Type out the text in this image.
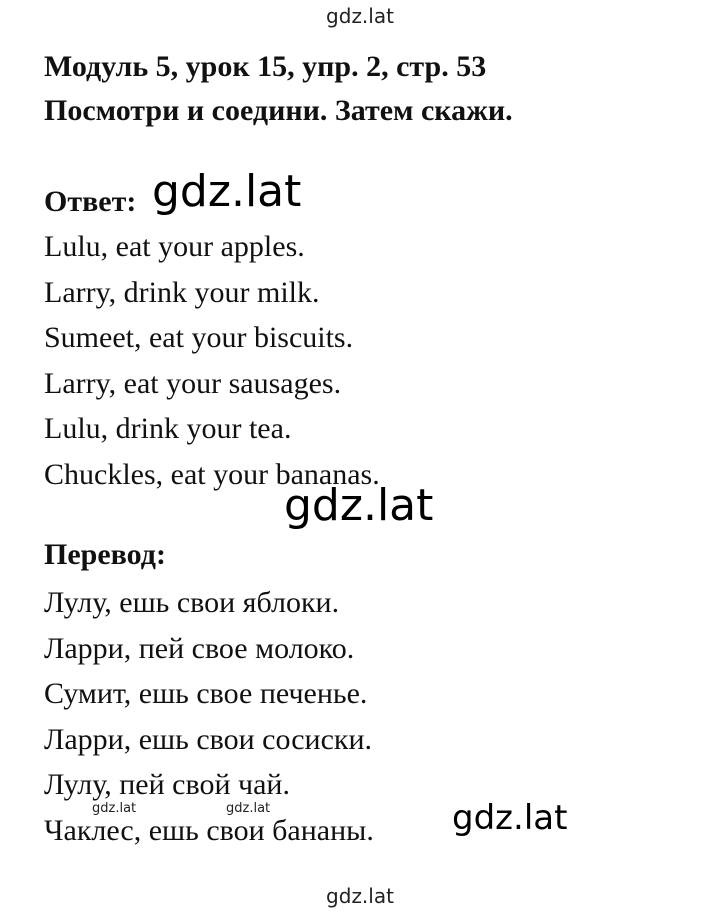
gdz.lat
Модуль 5, урок 15, упр. 2, стр. 53
Посмотри и соедини. Затем скажи.
Ответ: gdz.lat
Lulu, eat your apples.
Larry, drink your milk.
Sumeet, eat your biscuits.
Larry, eat your sausages.
Lulu, drink your tea.
Chuckles, eat your bananas.
gdz.lat
Перевод:
Лулу, ешь свои яблоки.
Ларри, пей свое молоко.
Сумит, ешь свое печенье.
Ларри, ешь свои сосиски.
Лулу, пей свой чай.
Чаклес, ешь свои бананы.
gdz.lat	gdz.lat	gdz.lat
gdz.lat
